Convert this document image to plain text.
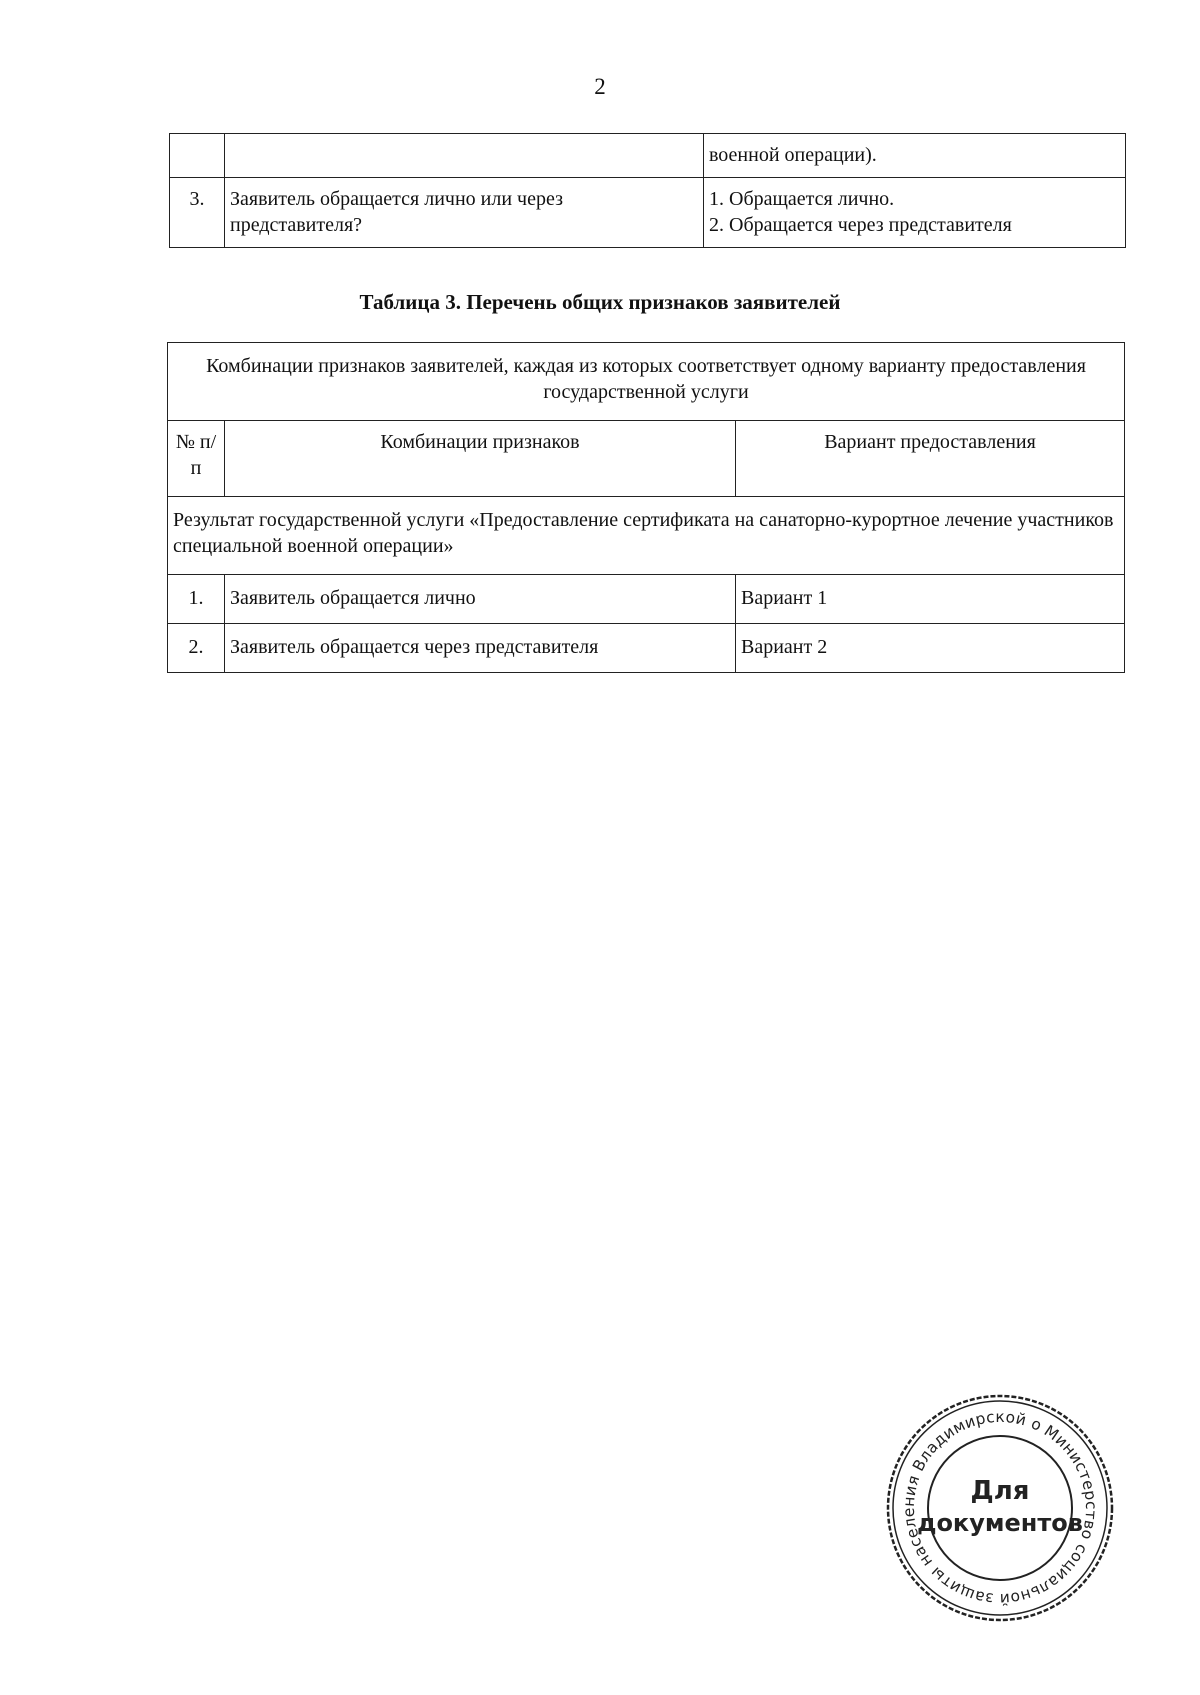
2

		военной операции).

3.	Заявитель обращается лично или через представителя?	1. Обращается лично.
2. Обращается через представителя
Таблица 3. Перечень общих признаков заявителей
Комбинации признаков заявителей, каждая из которых соответствует одному варианту предоставления государственной услуги		
№ п/п	Комбинации признаков	Вариант предоставления
Результат государственной услуги «Предоставление сертификата на санаторно-курортное лечение участников специальной военной операции»		
1.	Заявитель обращается лично	Вариант 1
2.	Заявитель обращается через представителя	Вариант 2
Министерство социальной защиты населения Владимирской о
Для
документов
